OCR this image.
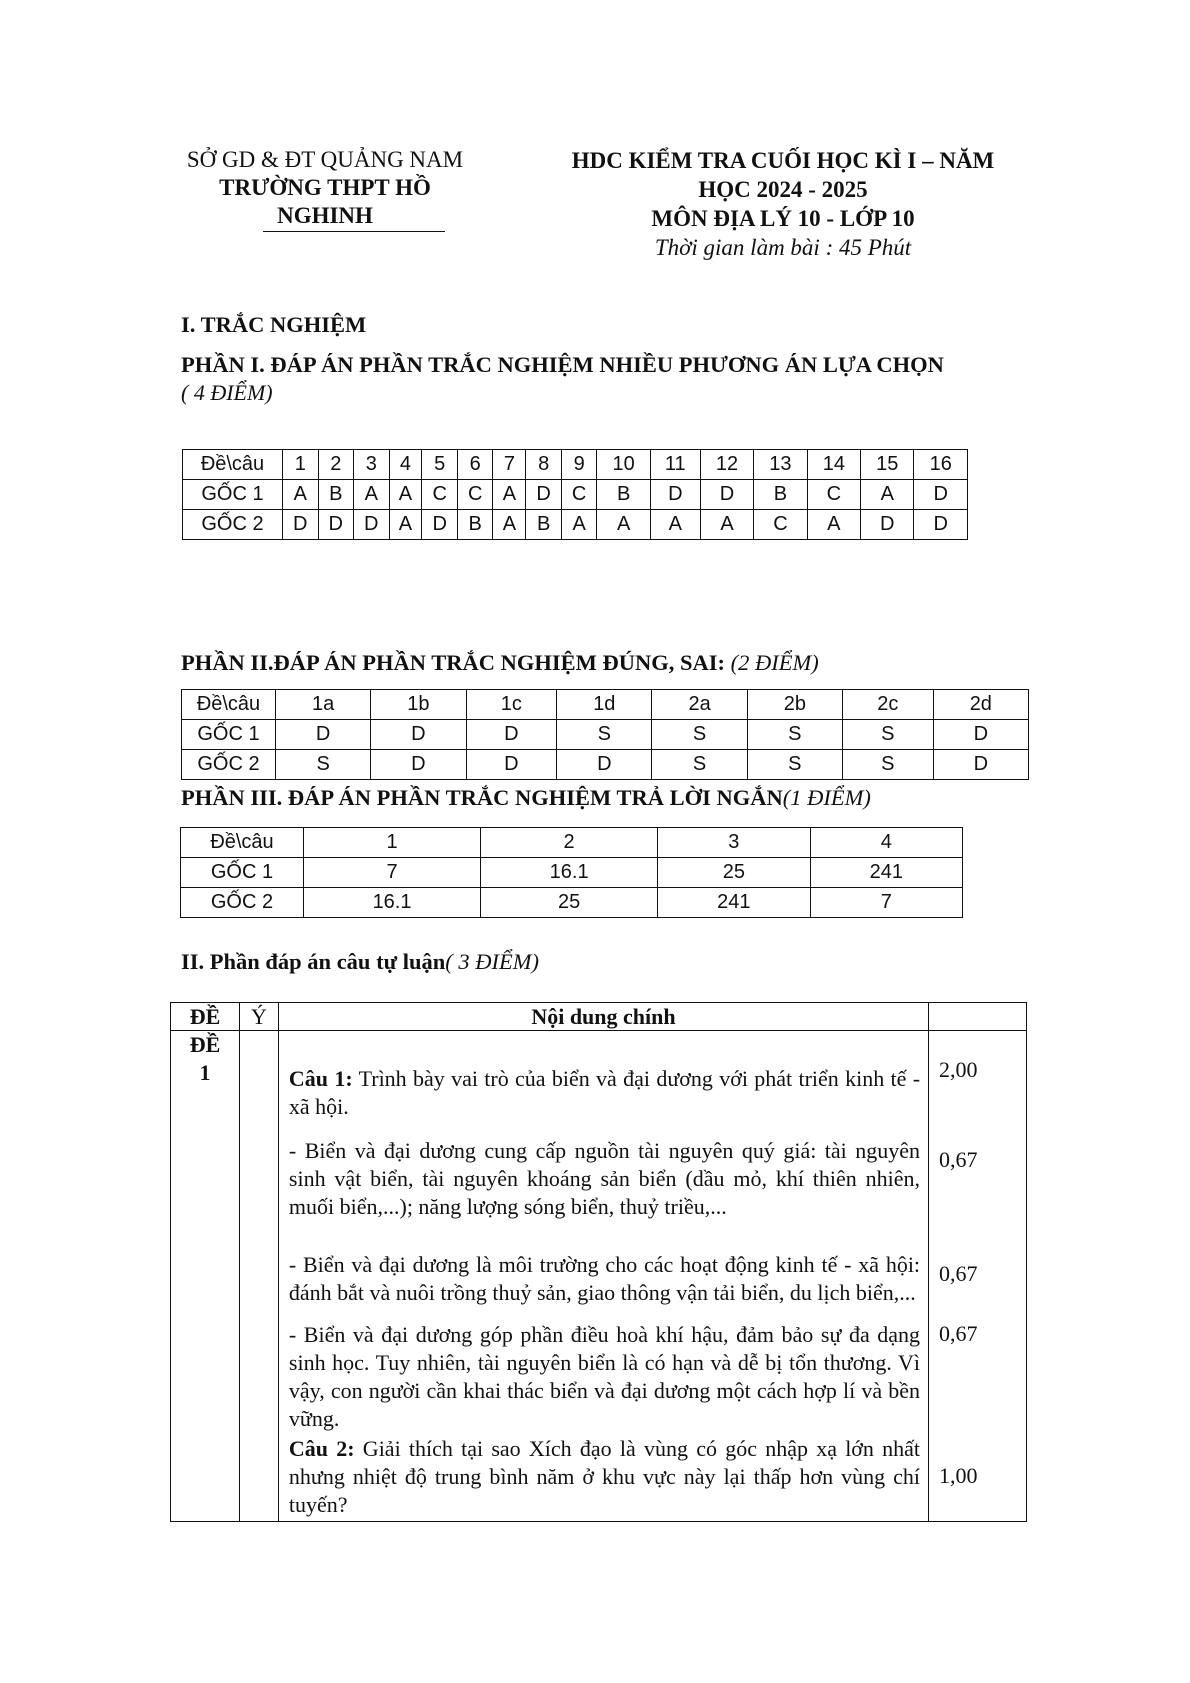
SỞ GD & ĐT QUẢNG NAM
TRƯỜNG THPT HỒ NGHINH
HDC KIỂM TRA CUỐI HỌC KÌ I – NĂM
HỌC 2024 - 2025
MÔN ĐỊA LÝ 10 - LỚP 10
Thời gian làm bài : 45 Phút
I. TRẮC NGHIỆM
PHẦN I. ĐÁP ÁN PHẦN TRẮC NGHIỆM NHIỀU PHƯƠNG ÁN LỰA CHỌN
( 4 ĐIỂM)
Đề\câu	1	2	3	4	5	6	7	8	9	10	11	12	13	14	15	16
GỐC 1	A	B	A	A	C	C	A	D	C	B	D	D	B	C	A	D
GỐC 2	D	D	D	A	D	B	A	B	A	A	A	A	C	A	D	D
PHẦN II.ĐÁP ÁN PHẦN TRẮC NGHIỆM ĐÚNG, SAI: (2 ĐIỂM)
Đề\câu	1a	1b	1c	1d	2a	2b	2c	2d
GỐC 1	D	D	D	S	S	S	S	D
GỐC 2	S	D	D	D	S	S	S	D
PHẦN III. ĐÁP ÁN PHẦN TRẮC NGHIỆM TRẢ LỜI NGẮN(1 ĐIỂM)
Đề\câu	1	2	3	4
GỐC 1	7	16.1	25	241
GỐC 2	16.1	25	241	7
II. Phần đáp án câu tự luận( 3 ĐIỂM)
ĐỀ	Ý	Nội dung chính	

ĐỀ
1		Câu 1: Trình bày vai trò của biển và đại dương với phát triển kinh tế - xã hội.	2,00

		- Biển và đại dương cung cấp nguồn tài nguyên quý giá: tài nguyên sinh vật biển, tài nguyên khoáng sản biển (dầu mỏ, khí thiên nhiên, muối biển,...); năng lượng sóng biển, thuỷ triều,...	0,67

		- Biển và đại dương là môi trường cho các hoạt động kinh tế - xã hội: đánh bắt và nuôi trồng thuỷ sản, giao thông vận tải biển, du lịch biển,...	0,67

		- Biển và đại dương góp phần điều hoà khí hậu, đảm bảo sự đa dạng sinh học. Tuy nhiên, tài nguyên biển là có hạn và dễ bị tổn thương. Vì vậy, con người cần khai thác biển và đại dương một cách hợp lí và bền vững.	0,67

		Câu 2: Giải thích tại sao Xích đạo là vùng có góc nhập xạ lớn nhất nhưng nhiệt độ trung bình năm ở khu vực này lại thấp hơn vùng chí tuyến?	1,00
